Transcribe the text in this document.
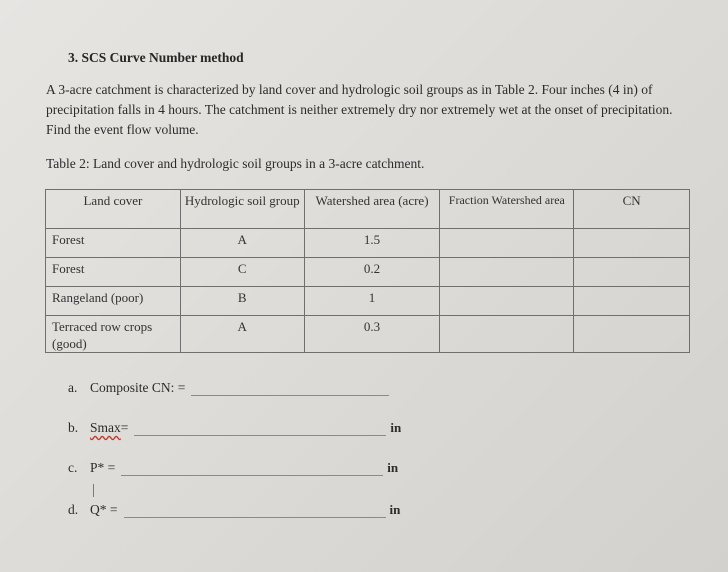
3. SCS Curve Number method
A 3-acre catchment is characterized by land cover and hydrologic soil groups as in Table 2. Four inches (4 in) of precipitation falls in 4 hours. The catchment is neither extremely dry nor extremely wet at the onset of precipitation. Find the event flow volume.
Table 2: Land cover and hydrologic soil groups in a 3-acre catchment.
Land cover	Hydrologic soil group	Watershed area (acre)	Fraction Watershed area	CN
Forest	A	1.5		
Forest	C	0.2		
Rangeland (poor)	B	1		
Terraced row crops (good)	A	0.3		
a. Composite CN: =
b. Smax =	in
c. P* =	in
d. Q* =	in
